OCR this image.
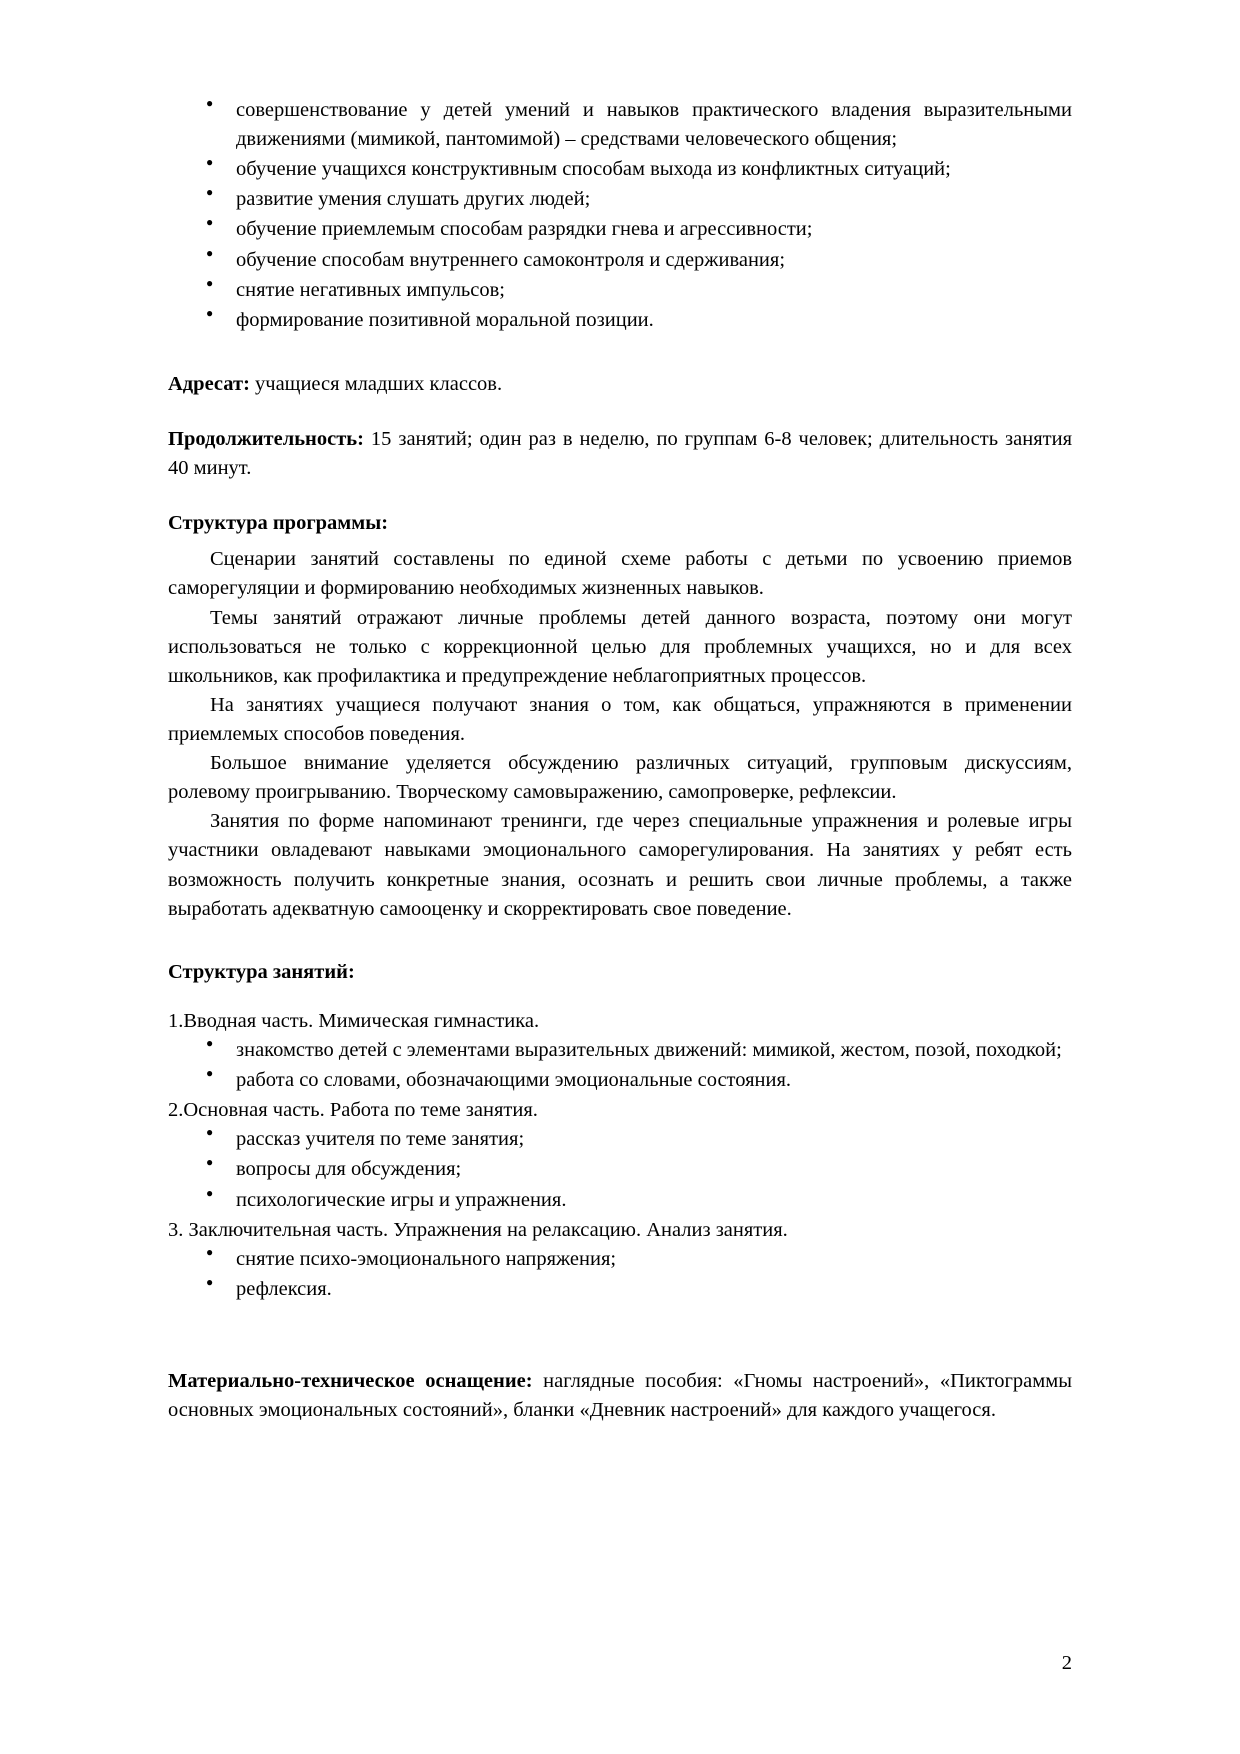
● совершенствование у детей умений и навыков практического владения выразительными движениями (мимикой, пантомимой) – средствами человеческого общения;
● обучение учащихся конструктивным способам выхода из конфликтных ситуаций;
● развитие умения слушать других людей;
● обучение приемлемым способам разрядки гнева и агрессивности;
● обучение способам внутреннего самоконтроля и сдерживания;
● снятие негативных импульсов;
● формирование позитивной моральной позиции.

Адресат: учащиеся младших классов.

Продолжительность: 15 занятий; один раз в неделю, по группам 6-8 человек; длительность занятия 40 минут.

Структура программы:

Сценарии занятий составлены по единой схеме работы с детьми по усвоению приемов саморегуляции и формированию необходимых жизненных навыков.

Темы занятий отражают личные проблемы детей данного возраста, поэтому они могут использоваться не только с коррекционной целью для проблемных учащихся, но и для всех школьников, как профилактика и предупреждение неблагоприятных процессов.

На занятиях учащиеся получают знания о том, как общаться, упражняются в применении приемлемых способов поведения.

Большое внимание уделяется обсуждению различных ситуаций, групповым дискуссиям, ролевому проигрыванию. Творческому самовыражению, самопроверке, рефлексии.

Занятия по форме напоминают тренинги, где через специальные упражнения и ролевые игры участники овладевают навыками эмоционального саморегулирования. На занятиях у ребят есть возможность получить конкретные знания, осознать и решить свои личные проблемы, а также выработать адекватную самооценку и скорректировать свое поведение.

Структура занятий:

1.Вводная часть. Мимическая гимнастика.

● знакомство детей с элементами выразительных движений: мимикой, жестом, позой, походкой;
● работа со словами, обозначающими эмоциональные состояния.

2.Основная часть. Работа по теме занятия.

● рассказ учителя по теме занятия;
● вопросы для обсуждения;
● психологические игры и упражнения.

3. Заключительная часть. Упражнения на релаксацию. Анализ занятия.

● снятие психо-эмоционального напряжения;
● рефлексия.

Материально-техническое оснащение: наглядные пособия: «Гномы настроений», «Пиктограммы основных эмоциональных состояний», бланки «Дневник настроений» для каждого учащегося.

2
